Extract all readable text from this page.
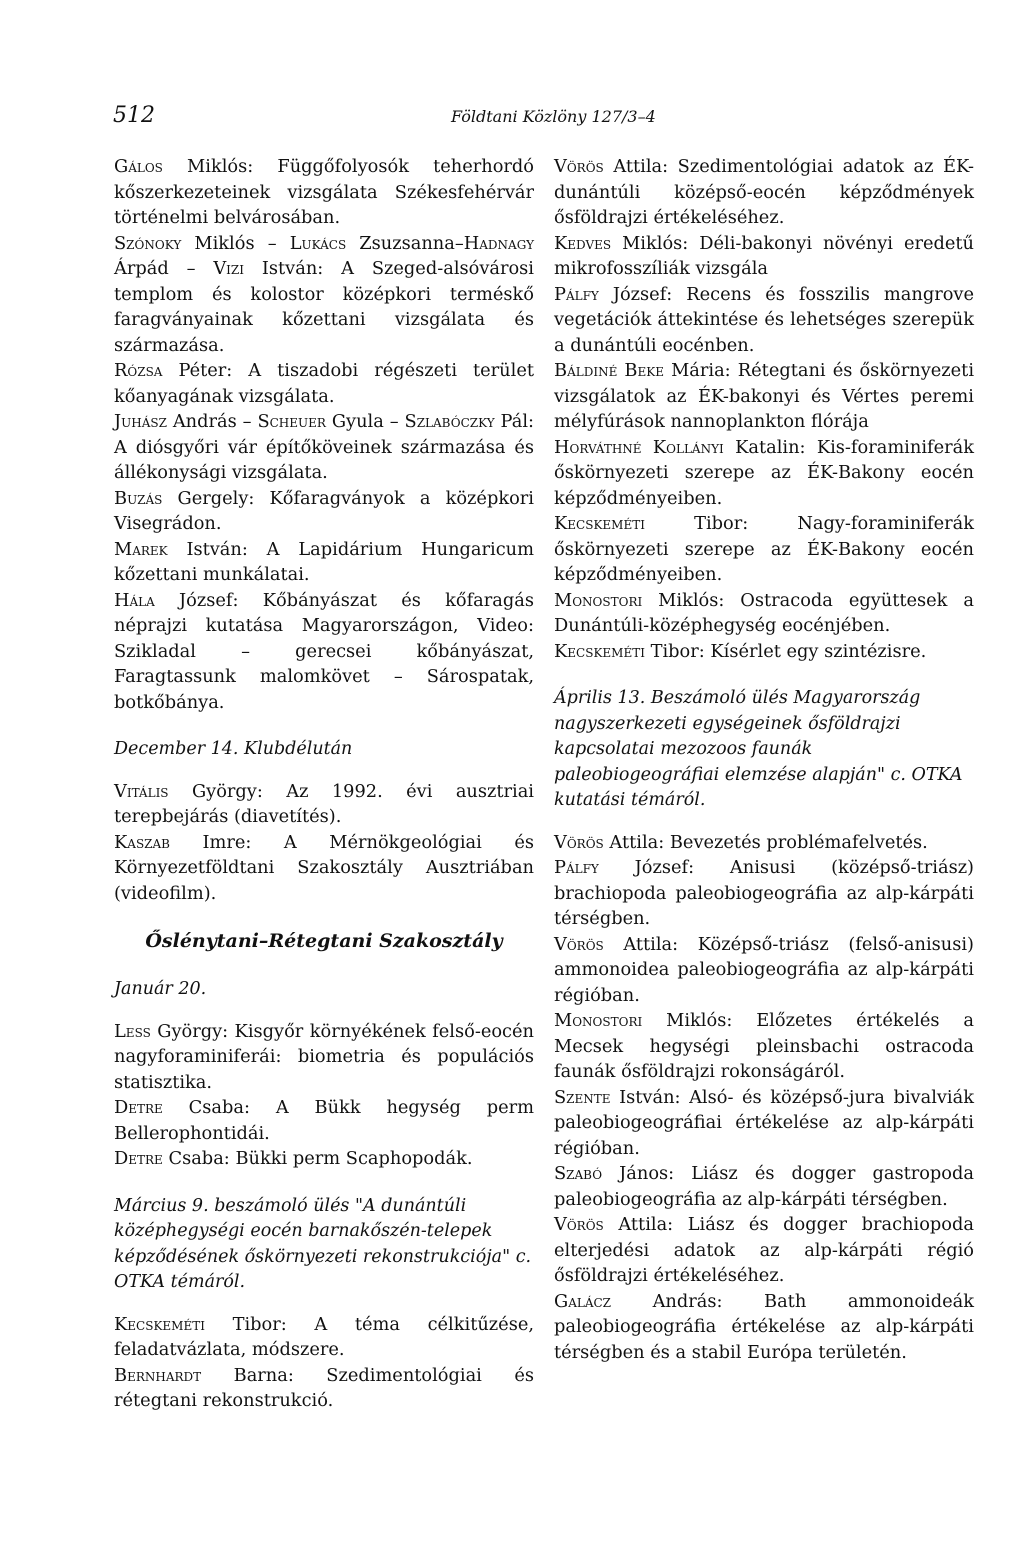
512	Földtani Közlöny 127/3–4

Gálos Miklós: Függőfolyosók teherhordó kőszerkezeteinek vizsgálata Székesfehérvár történelmi belvárosában.

Szónoky Miklós – Lukács Zsuzsanna–Hadnagy Árpád – Vizi István: A Szeged-alsóvárosi templom és kolostor középkori terméskő faragványainak kőzettani vizsgálata és származása.

Rózsa Péter: A tiszadobi régészeti terület kőanyagának vizsgálata.

Juhász András – Scheuer Gyula – Szlabóczky Pál: A diósgyőri vár építőköveinek származása és állékonysági vizsgálata.

Buzás Gergely: Kőfaragványok a középkori Visegrádon.

Marek István: A Lapidárium Hungaricum kőzettani munkálatai.

Hála József: Kőbányászat és kőfaragás néprajzi kutatása Magyarországon, Video: Szikladal – gerecsei kőbányászat, Faragtassunk malomkövet – Sárospatak, botkőbánya.

December 14. Klubdélután

Vitális György: Az 1992. évi ausztriai terepbejárás (diavetítés).

Kaszab Imre: A Mérnökgeológiai és Környezetföldtani Szakosztály Ausztriában (videofilm).

Őslénytani–Rétegtani Szakosztály

Január 20.

Less György: Kisgyőr környékének felső-eocén nagyforaminiferái: biometria és populációs statisztika.

Detre Csaba: A Bükk hegység perm Bellerophontidái.

Detre Csaba: Bükki perm Scaphopodák.

Március 9. beszámoló ülés "A dunántúli középhegységi eocén barnakőszén-telepek képződésének őskörnyezeti rekonstrukciója" c. OTKA témáról.

Kecskeméti Tibor: A téma célkitűzése, feladatvázlata, módszere.

Bernhardt Barna: Szedimentológiai és rétegtani rekonstrukció.

Vörös Attila: Szedimentológiai adatok az ÉK-dunántúli középső-eocén képződmények ősföldrajzi értékeléséhez.

Kedves Miklós: Déli-bakonyi növényi eredetű mikrofosszíliák vizsgála

Pálfy József: Recens és fosszilis mangrove vegetációk áttekintése és lehetséges szerepük a dunántúli eocénben.

Báldiné Beke Mária: Rétegtani és őskörnyezeti vizsgálatok az ÉK-bakonyi és Vértes peremi mélyfúrások nannoplankton flórája

Horváthné Kollányi Katalin: Kis-foraminiferák őskörnyezeti szerepe az ÉK-Bakony eocén képződményeiben.

Kecskeméti Tibor: Nagy-foraminiferák őskörnyezeti szerepe az ÉK-Bakony eocén képződményeiben.

Monostori Miklós: Ostracoda együttesek a Dunántúli-középhegység eocénjében.

Kecskeméti Tibor: Kísérlet egy szintézisre.

Április 13. Beszámoló ülés Magyarország nagyszerkezeti egységeinek ősföldrajzi kapcsolatai mezozoos faunák paleobiogeográfiai elemzése alapján" c. OTKA kutatási témáról.

Vörös Attila: Bevezetés problémafelvetés.

Pálfy József: Anisusi (középső-triász) brachiopoda paleobiogeográfia az alp-kárpáti térségben.

Vörös Attila: Középső-triász (felső-anisusi) ammonoidea paleobiogeográfia az alp-kárpáti régióban.

Monostori Miklós: Előzetes értékelés a Mecsek hegységi pleinsbachi ostracoda faunák ősföldrajzi rokonságáról.

Szente István: Alsó- és középső-jura bivalviák paleobiogeográfiai értékelése az alp-kárpáti régióban.

Szabó János: Liász és dogger gastropoda paleobiogeográfia az alp-kárpáti térségben.

Vörös Attila: Liász és dogger brachiopoda elterjedési adatok az alp-kárpáti régió ősföldrajzi értékeléséhez.

Galácz András: Bath ammonoideák paleobiogeográfia értékelése az alp-kárpáti térségben és a stabil Európa területén.
